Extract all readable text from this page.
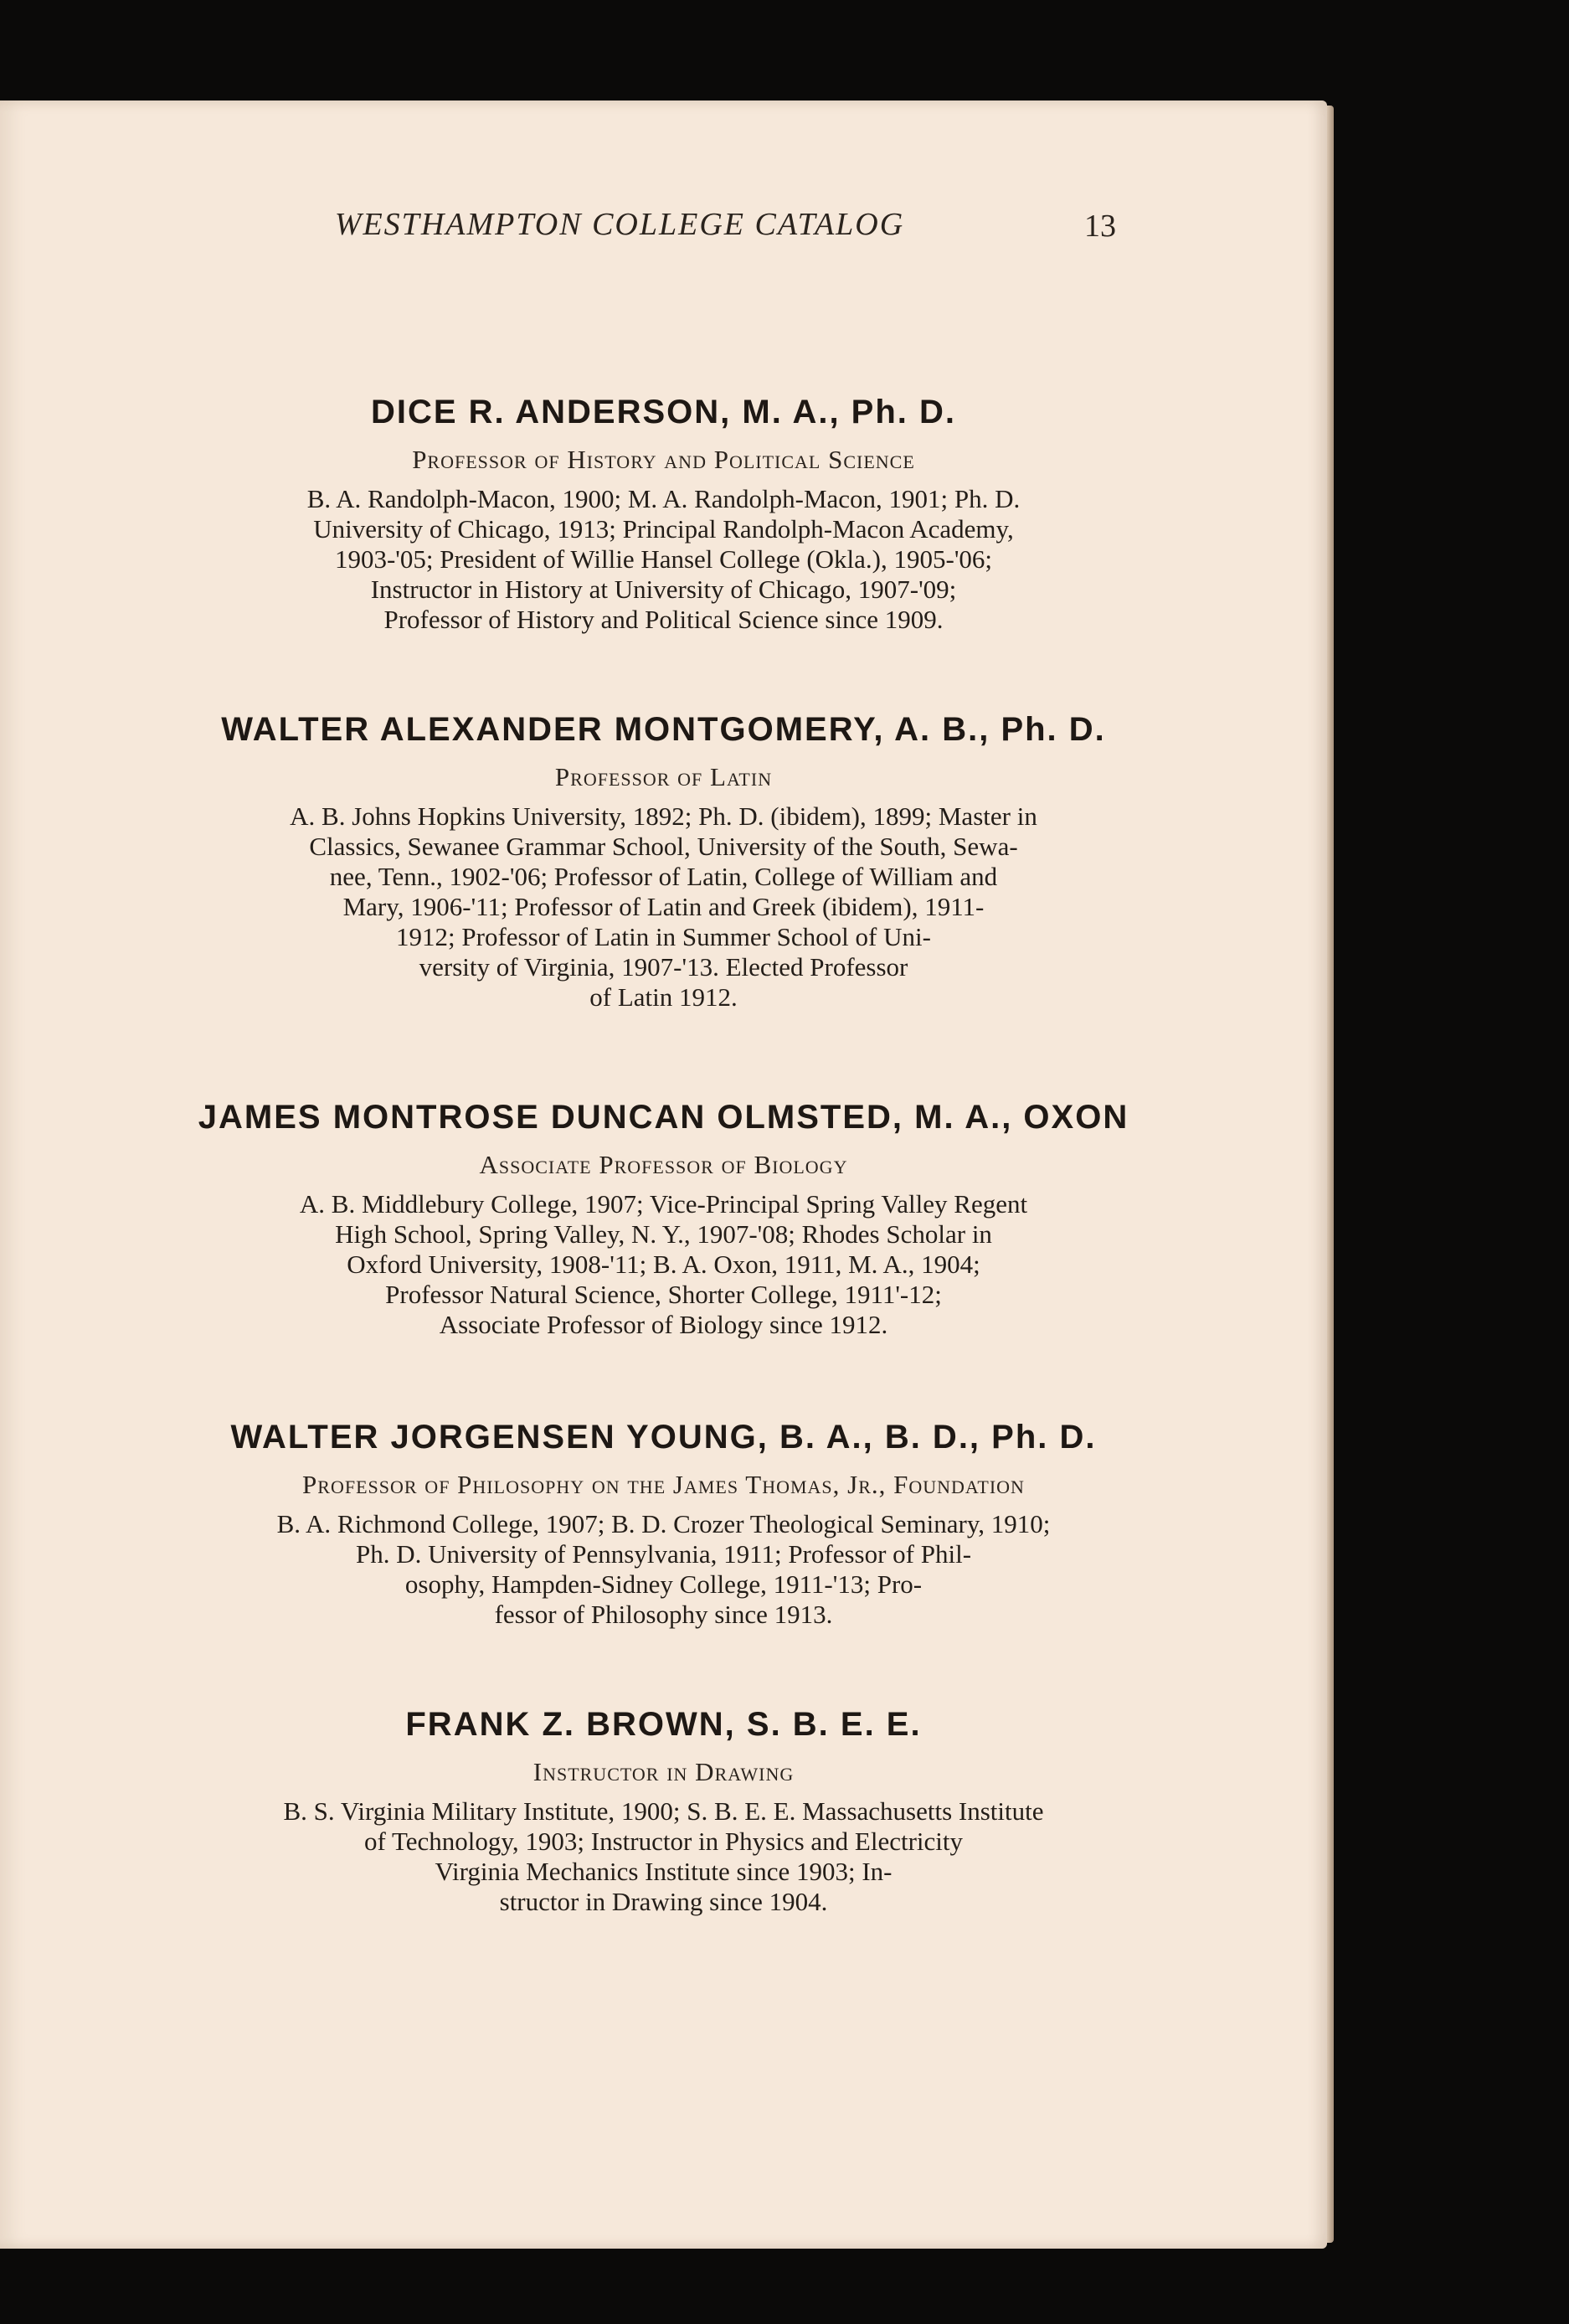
WESTHAMPTON COLLEGE CATALOG	13
DICE R. ANDERSON, M. A., Ph. D.
Professor of History and Political Science
B. A. Randolph-Macon, 1900; M. A. Randolph-Macon, 1901; Ph. D.
University of Chicago, 1913; Principal Randolph-Macon Academy,
1903-'05; President of Willie Hansel College (Okla.), 1905-'06;
Instructor in History at University of Chicago, 1907-'09;
Professor of History and Political Science since 1909.
WALTER ALEXANDER MONTGOMERY, A. B., Ph. D.
Professor of Latin
A. B. Johns Hopkins University, 1892; Ph. D. (ibidem), 1899; Master in
Classics, Sewanee Grammar School, University of the South, Sewa-
nee, Tenn., 1902-'06; Professor of Latin, College of William and
Mary, 1906-'11; Professor of Latin and Greek (ibidem), 1911-
1912; Professor of Latin in Summer School of Uni-
versity of Virginia, 1907-'13. Elected Professor
of Latin 1912.
JAMES MONTROSE DUNCAN OLMSTED, M. A., OXON
Associate Professor of Biology
A. B. Middlebury College, 1907; Vice-Principal Spring Valley Regent
High School, Spring Valley, N. Y., 1907-'08; Rhodes Scholar in
Oxford University, 1908-'11; B. A. Oxon, 1911, M. A., 1904;
Professor Natural Science, Shorter College, 1911'-12;
Associate Professor of Biology since 1912.
WALTER JORGENSEN YOUNG, B. A., B. D., Ph. D.
Professor of Philosophy on the James Thomas, Jr., Foundation
B. A. Richmond College, 1907; B. D. Crozer Theological Seminary, 1910;
Ph. D. University of Pennsylvania, 1911; Professor of Phil-
osophy, Hampden-Sidney College, 1911-'13; Pro-
fessor of Philosophy since 1913.
FRANK Z. BROWN, S. B. E. E.
Instructor in Drawing
B. S. Virginia Military Institute, 1900; S. B. E. E. Massachusetts Institute
of Technology, 1903; Instructor in Physics and Electricity
Virginia Mechanics Institute since 1903; In-
structor in Drawing since 1904.
